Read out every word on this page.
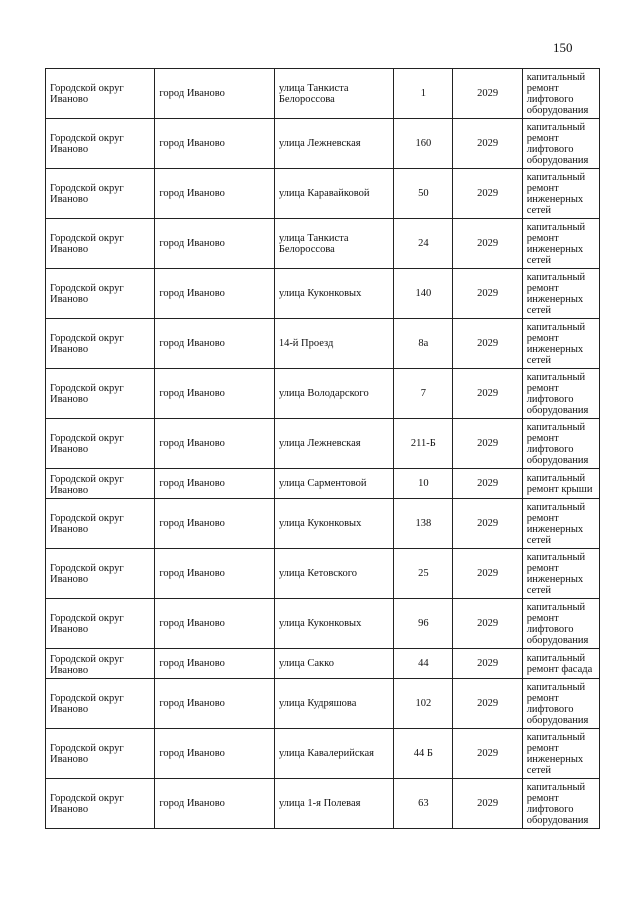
150
Городской округ Иваново	город Иваново	улица Танкиста Белороссова	1	2029	капитальный ремонт лифтового оборудования
Городской округ Иваново	город Иваново	улица Лежневская	160	2029	капитальный ремонт лифтового оборудования
Городской округ Иваново	город Иваново	улица Каравайковой	50	2029	капитальный ремонт инженерных сетей
Городской округ Иваново	город Иваново	улица Танкиста Белороссова	24	2029	капитальный ремонт инженерных сетей
Городской округ Иваново	город Иваново	улица Куконковых	140	2029	капитальный ремонт инженерных сетей
Городской округ Иваново	город Иваново	14-й Проезд	8а	2029	капитальный ремонт инженерных сетей
Городской округ Иваново	город Иваново	улица Володарского	7	2029	капитальный ремонт лифтового оборудования
Городской округ Иваново	город Иваново	улица Лежневская	211-Б	2029	капитальный ремонт лифтового оборудования
Городской округ Иваново	город Иваново	улица Сарментовой	10	2029	капитальный ремонт крыши
Городской округ Иваново	город Иваново	улица Куконковых	138	2029	капитальный ремонт инженерных сетей
Городской округ Иваново	город Иваново	улица Кетовского	25	2029	капитальный ремонт инженерных сетей
Городской округ Иваново	город Иваново	улица Куконковых	96	2029	капитальный ремонт лифтового оборудования
Городской округ Иваново	город Иваново	улица Сакко	44	2029	капитальный ремонт фасада
Городской округ Иваново	город Иваново	улица Кудряшова	102	2029	капитальный ремонт лифтового оборудования
Городской округ Иваново	город Иваново	улица Кавалерийская	44 Б	2029	капитальный ремонт инженерных сетей
Городской округ Иваново	город Иваново	улица 1-я Полевая	63	2029	капитальный ремонт лифтового оборудования
